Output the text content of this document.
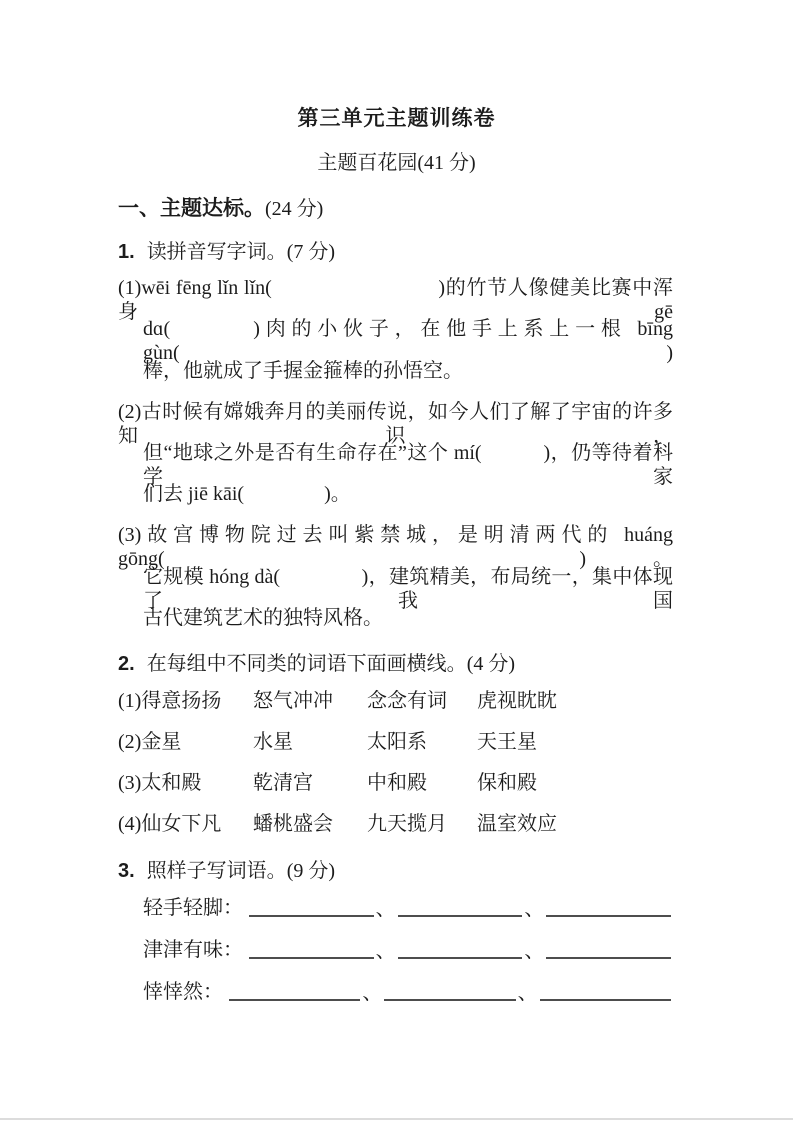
第三单元主题训练卷
主题百花园(41 分)
一、主题达标。(24 分)
1. 读拼音写字词。(7 分)
(1)wēi fēng lǐn lǐn(　　　　　　　　)的竹节人像健美比赛中浑身 gē
dɑ(　　　)肉的小伙子，在他手上系上一根 bīng gùn(　　　　)
棒，他就成了手握金箍棒的孙悟空。
(2)古时候有嫦娥奔月的美丽传说，如今人们了解了宇宙的许多知识，
但“地球之外是否有生命存在”这个 mí(　　　)，仍等待着科学家
们去 jiē kāi(　　　　)。
(3)故宫博物院过去叫紫禁城，是明清两代的 huáng gōng(　　　　)。
它规模 hóng dà(　　　　)，建筑精美，布局统一，集中体现了我国
古代建筑艺术的独特风格。
2. 在每组中不同类的词语下面画横线。(4 分)
(1)得意扬扬	怒气冲冲	念念有词	虎视眈眈
(2)金星	水星	太阳系	天王星
(3)太和殿	乾清宫	中和殿	保和殿
(4)仙女下凡	蟠桃盛会	九天揽月	温室效应
3. 照样子写词语。(9 分)
轻手轻脚：	、	、
津津有味：	、	、
悻悻然：	、	、
